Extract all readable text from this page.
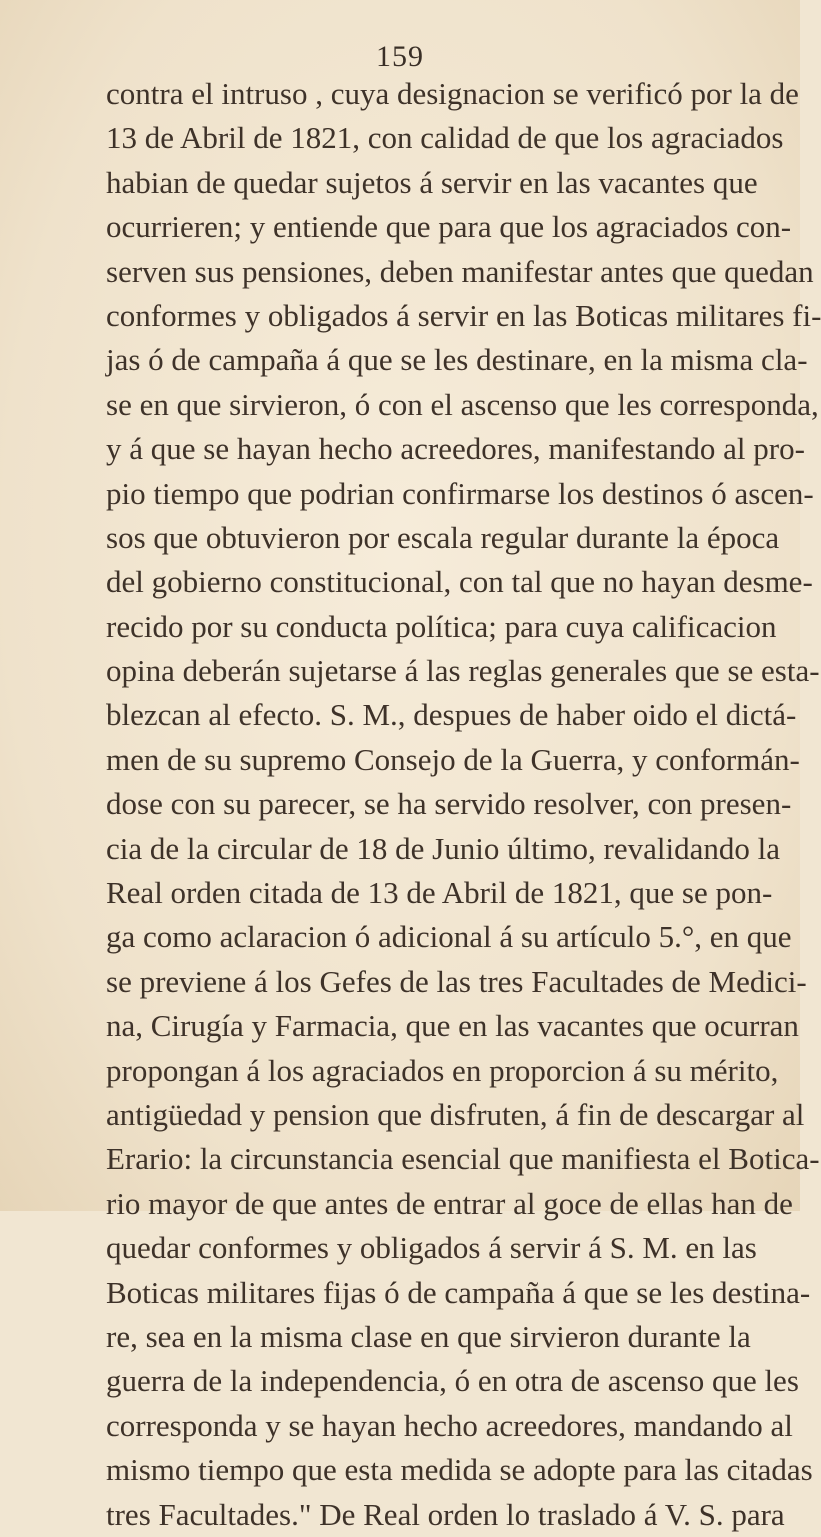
159
contra el intruso , cuya designacion se verificó por la de
13 de Abril de 1821, con calidad de que los agraciados
habian de quedar sujetos á servir en las vacantes que
ocurrieren; y entiende que para que los agraciados con-
serven sus pensiones, deben manifestar antes que quedan
conformes y obligados á servir en las Boticas militares fi-
jas ó de campaña á que se les destinare, en la misma cla-
se en que sirvieron, ó con el ascenso que les corresponda,
y á que se hayan hecho acreedores, manifestando al pro-
pio tiempo que podrian confirmarse los destinos ó ascen-
sos que obtuvieron por escala regular durante la época
del gobierno constitucional, con tal que no hayan desme-
recido por su conducta política; para cuya calificacion
opina deberán sujetarse á las reglas generales que se esta-
blezcan al efecto. S. M., despues de haber oido el dictá-
men de su supremo Consejo de la Guerra, y conformán-
dose con su parecer, se ha servido resolver, con presen-
cia de la circular de 18 de Junio último, revalidando la
Real orden citada de 13 de Abril de 1821, que se pon-
ga como aclaracion ó adicional á su artículo 5.°, en que
se previene á los Gefes de las tres Facultades de Medici-
na, Cirugía y Farmacia, que en las vacantes que ocurran
propongan á los agraciados en proporcion á su mérito,
antigüedad y pension que disfruten, á fin de descargar al
Erario: la circunstancia esencial que manifiesta el Botica-
rio mayor de que antes de entrar al goce de ellas han de
quedar conformes y obligados á servir á S. M. en las
Boticas militares fijas ó de campaña á que se les destina-
re, sea en la misma clase en que sirvieron durante la
guerra de la independencia, ó en otra de ascenso que les
corresponda y se hayan hecho acreedores, mandando al
mismo tiempo que esta medida se adopte para las citadas
tres Facultades." De Real orden lo traslado á V. S. para
